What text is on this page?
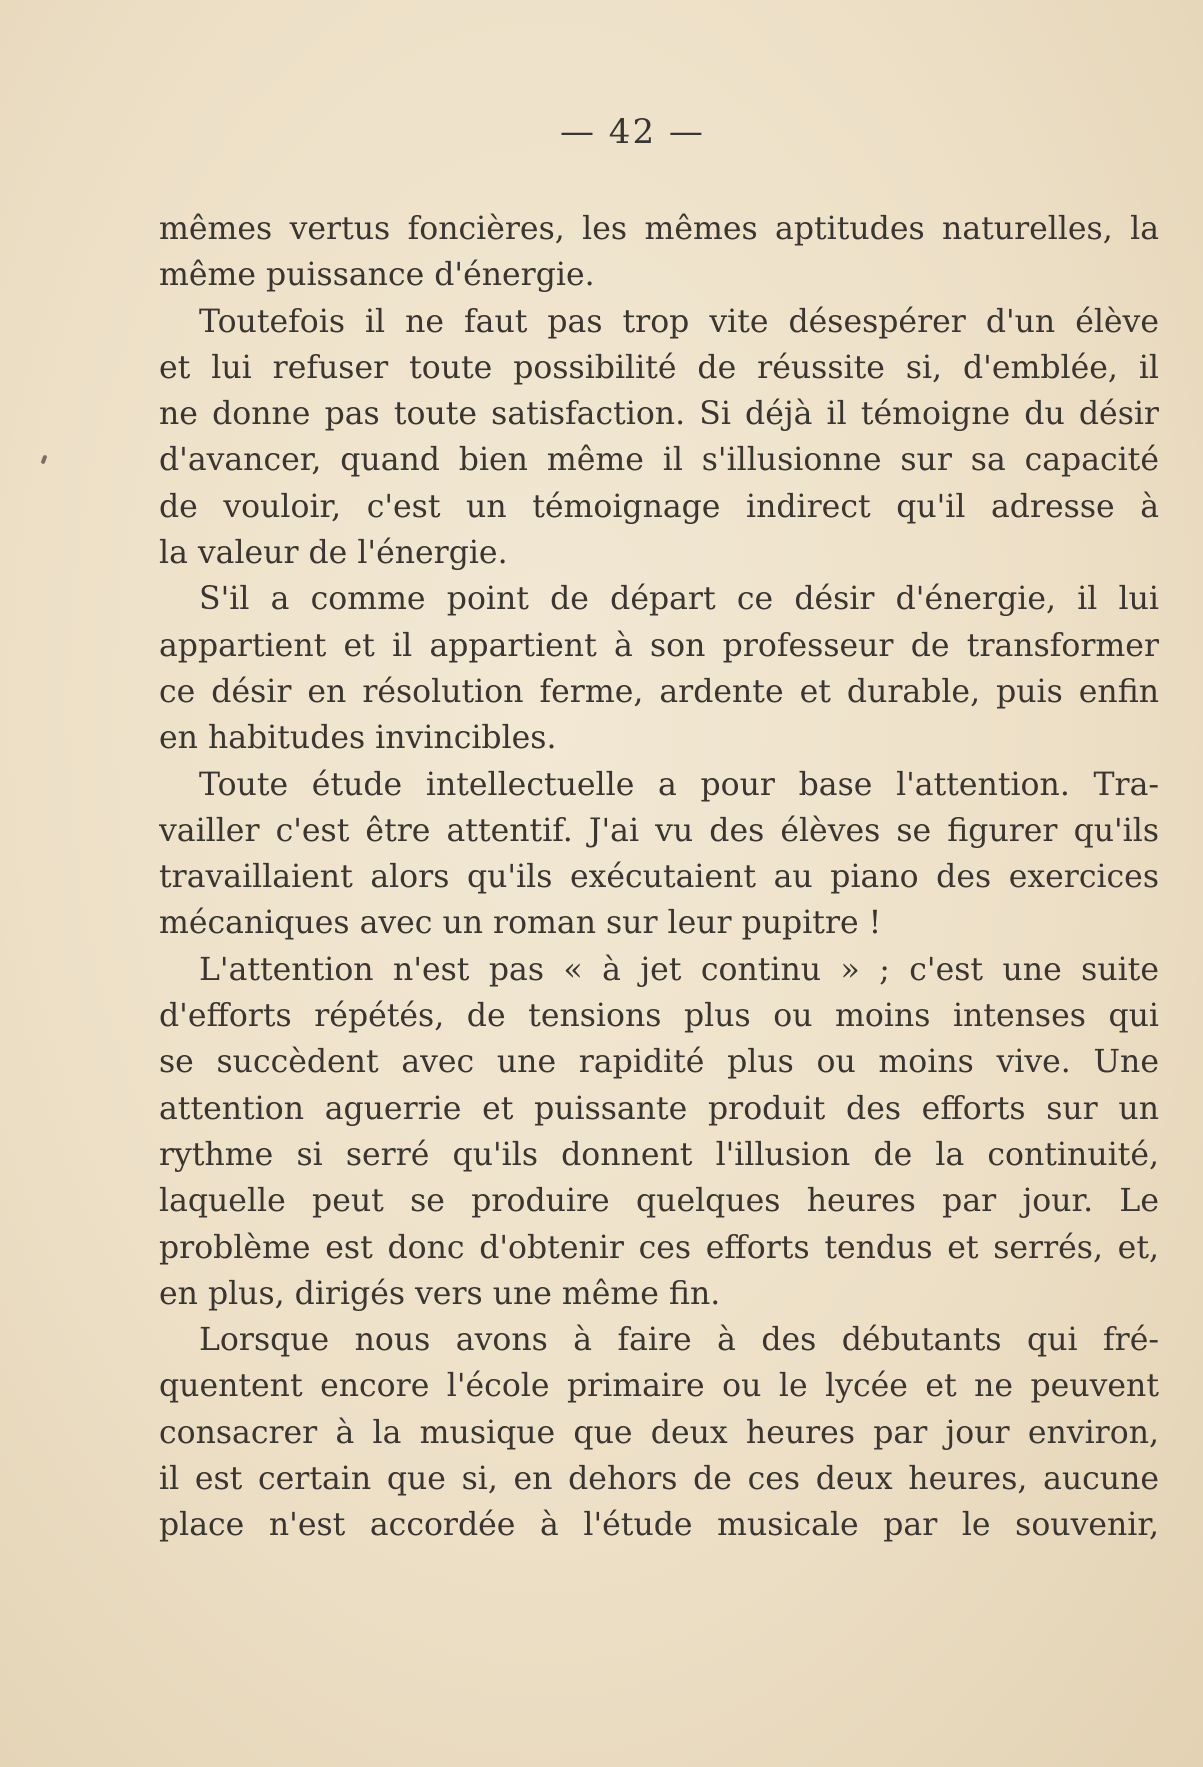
— 42 —
mêmes vertus foncières, les mêmes aptitudes naturelles, la
même puissance d'énergie.
Toutefois il ne faut pas trop vite désespérer d'un élève
et lui refuser toute possibilité de réussite si, d'emblée, il
ne donne pas toute satisfaction. Si déjà il témoigne du désir
d'avancer, quand bien même il s'illusionne sur sa capacité
de vouloir, c'est un témoignage indirect qu'il adresse à
la valeur de l'énergie.
S'il a comme point de départ ce désir d'énergie, il lui
appartient et il appartient à son professeur de transformer
ce désir en résolution ferme, ardente et durable, puis enfin
en habitudes invincibles.
Toute étude intellectuelle a pour base l'attention. Tra-
vailler c'est être attentif. J'ai vu des élèves se figurer qu'ils
travaillaient alors qu'ils exécutaient au piano des exercices
mécaniques avec un roman sur leur pupitre !
L'attention n'est pas « à jet continu » ; c'est une suite
d'efforts répétés, de tensions plus ou moins intenses qui
se succèdent avec une rapidité plus ou moins vive. Une
attention aguerrie et puissante produit des efforts sur un
rythme si serré qu'ils donnent l'illusion de la continuité,
laquelle peut se produire quelques heures par jour. Le
problème est donc d'obtenir ces efforts tendus et serrés, et,
en plus, dirigés vers une même fin.
Lorsque nous avons à faire à des débutants qui fré-
quentent encore l'école primaire ou le lycée et ne peuvent
consacrer à la musique que deux heures par jour environ,
il est certain que si, en dehors de ces deux heures, aucune
place n'est accordée à l'étude musicale par le souvenir,
